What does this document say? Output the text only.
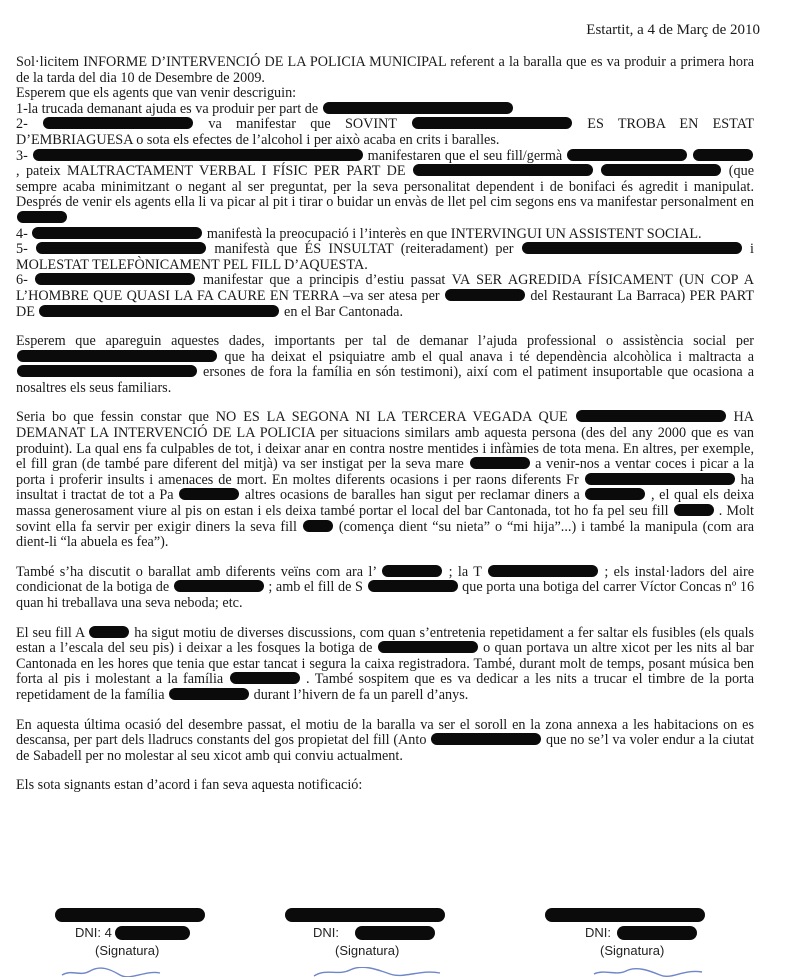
Estartit, a 4 de Març de 2010

Sol·licitem INFORME D’INTERVENCIÓ DE LA POLICIA MUNICIPAL referent a la baralla que es va produir a primera hora de la tarda del dia 10 de Desembre de 2009.

Esperem que els agents que van venir descriguin:

1-la trucada demanant ajuda es va produir per part de

2-	va manifestar que SOVINT	ES TROBA EN ESTAT D’EMBRIAGUESA o sota els efectes de l’alcohol i per això acaba en crits i baralles.

3-	manifestaren que el seu fill/germà   , pateix MALTRACTAMENT VERBAL I FÍSIC PER PART DE	(que sempre acaba minimitzant o negant al ser preguntat, per la seva personalitat dependent i de bonifaci és agredit i manipulat. Després de venir els agents ella li va picar al pit i tirar o buidar un envàs de llet pel cim segons ens va manifestar personalment en

4-	manifestà la preocupació i l’interès en que INTERVINGUI UN ASSISTENT SOCIAL.

5-	manifestà que ÉS INSULTAT (reiteradament) per	i MOLESTAT TELEFÒNICAMENT PEL FILL D’AQUESTA.

6-	manifestar que a principis d’estiu passat VA SER AGREDIDA FÍSICAMENT (UN COP A L’HOMBRE QUE QUASI LA FA CAURE EN TERRA –va ser atesa per	del Restaurant La Barraca) PER PART DE	en el Bar Cantonada.

Esperem que apareguin aquestes dades, importants per tal de demanar l’ajuda professional o assistència social per  que ha deixat el psiquiatre amb el qual anava i té dependència alcohòlica i maltracta a  ersones de fora la família en són testimoni), així com el patiment insuportable que ocasiona a nosaltres els seus familiars.

Seria bo que fessin constar que NO ES LA SEGONA NI LA TERCERA VEGADA QUE	HA DEMANAT LA INTERVENCIÓ DE LA POLICIA per situacions similars amb aquesta persona (des del any 2000 que es van produint). La qual ens fa culpables de tot, i deixar anar en contra nostre mentides i infàmies de tota mena. En altres, per exemple, el fill gran (de també pare diferent del mitjà) va ser instigat per la seva mare	a venir-nos a ventar coces i picar a la porta i proferir insults i amenaces de mort. En moltes diferents ocasions i per raons diferents Fr	ha insultat i tractat de tot a Pa	altres ocasions de baralles han sigut per reclamar diners a	, el qual els deixa massa generosament viure al pis on estan i els deixa també portar el local del bar Cantonada, tot ho fa pel seu fill	. Molt sovint ella fa servir per exigir diners la seva fill	(comença dient “su nieta” o “mi hija”...) i també la manipula (com ara dient-li “la abuela es fea”).

També s’ha discutit o barallat amb diferents veïns com ara l’	; la T	; els instal·ladors del aire condicionat de la botiga de	; amb el fill de S	que porta una botiga del carrer Víctor Concas nº 16 quan hi treballava una seva neboda; etc.

El seu fill A	ha sigut motiu de diverses discussions, com quan s’entretenia repetidament a fer saltar els fusibles (els quals estan a l’escala del seu pis) i deixar a les fosques la botiga de	o quan portava un altre xicot per les nits al bar Cantonada en les hores que tenia que estar tancat i segura la caixa registradora. També, durant molt de temps, posant música ben forta al pis i molestant a la família	. També sospitem que es va dedicar a les nits a trucar el timbre de la porta repetidament de la família	durant l’hivern de fa un parell d’anys.

En aquesta última ocasió del desembre passat, el motiu de la baralla va ser el soroll en la zona annexa a les habitacions on es descansa, per part dels lladrucs constants del gos propietat del fill (Anto	que no se’l va voler endur a la ciutat de Sabadell per no molestar al seu xicot amb qui conviu actualment.

Els sota signants estan d’acord i fan seva aquesta notificació:

DNI: 4
(Signatura)
DNI:
(Signatura)
DNI:
(Signatura)
